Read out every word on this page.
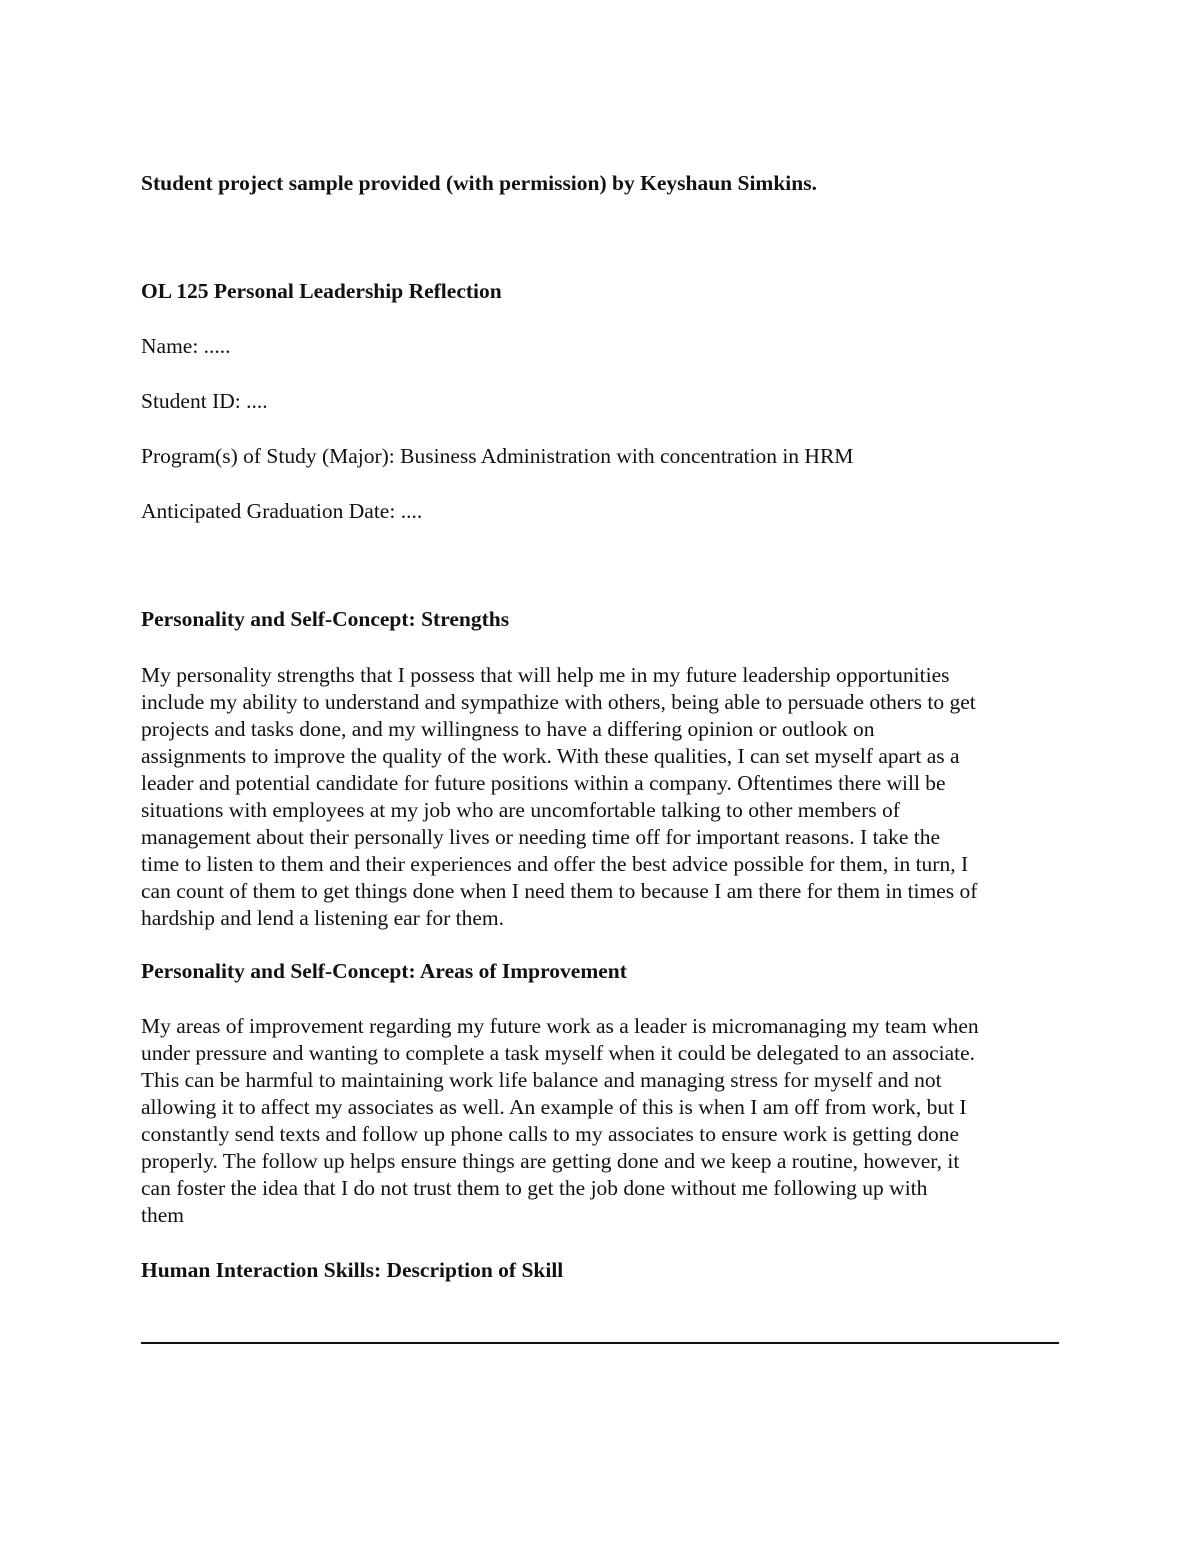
Student project sample provided (with permission) by Keyshaun Simkins.

OL 125 Personal Leadership Reflection

Name: .....

Student ID: ....

Program(s) of Study (Major): Business Administration with concentration in HRM

Anticipated Graduation Date: ....

Personality and Self-Concept: Strengths

My personality strengths that I possess that will help me in my future leadership opportunities
include my ability to understand and sympathize with others, being able to persuade others to get
projects and tasks done, and my willingness to have a differing opinion or outlook on
assignments to improve the quality of the work. With these qualities, I can set myself apart as a
leader and potential candidate for future positions within a company. Oftentimes there will be
situations with employees at my job who are uncomfortable talking to other members of
management about their personally lives or needing time off for important reasons. I take the
time to listen to them and their experiences and offer the best advice possible for them, in turn, I
can count of them to get things done when I need them to because I am there for them in times of
hardship and lend a listening ear for them.

Personality and Self-Concept: Areas of Improvement

My areas of improvement regarding my future work as a leader is micromanaging my team when
under pressure and wanting to complete a task myself when it could be delegated to an associate.
This can be harmful to maintaining work life balance and managing stress for myself and not
allowing it to affect my associates as well. An example of this is when I am off from work, but I
constantly send texts and follow up phone calls to my associates to ensure work is getting done
properly. The follow up helps ensure things are getting done and we keep a routine, however, it
can foster the idea that I do not trust them to get the job done without me following up with
them

Human Interaction Skills: Description of Skill
